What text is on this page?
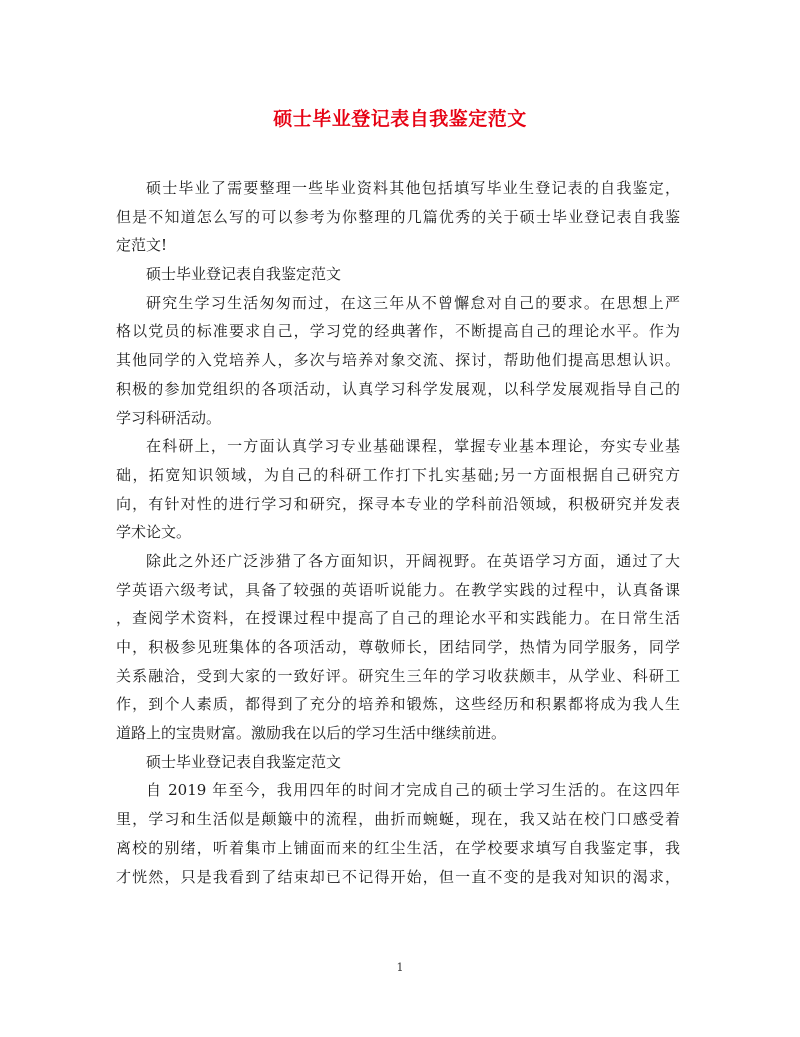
硕士毕业登记表自我鉴定范文
硕士毕业了需要整理一些毕业资料其他包括填写毕业生登记表的自我鉴定，
但是不知道怎么写的可以参考为你整理的几篇优秀的关于硕士毕业登记表自我鉴
定范文!
硕士毕业登记表自我鉴定范文
研究生学习生活匆匆而过，在这三年从不曾懈怠对自己的要求。在思想上严
格以党员的标准要求自己，学习党的经典著作，不断提高自己的理论水平。作为
其他同学的入党培养人，多次与培养对象交流、探讨，帮助他们提高思想认识。
积极的参加党组织的各项活动，认真学习科学发展观，以科学发展观指导自己的
学习科研活动。
在科研上，一方面认真学习专业基础课程，掌握专业基本理论，夯实专业基
础，拓宽知识领域，为自己的科研工作打下扎实基础;另一方面根据自己研究方
向，有针对性的进行学习和研究，探寻本专业的学科前沿领域，积极研究并发表
学术论文。
除此之外还广泛涉猎了各方面知识，开阔视野。在英语学习方面，通过了大
学英语六级考试，具备了较强的英语听说能力。在教学实践的过程中，认真备课
，查阅学术资料，在授课过程中提高了自己的理论水平和实践能力。在日常生活
中，积极参见班集体的各项活动，尊敬师长，团结同学，热情为同学服务，同学
关系融洽，受到大家的一致好评。研究生三年的学习收获颇丰，从学业、科研工
作，到个人素质，都得到了充分的培养和锻炼，这些经历和积累都将成为我人生
道路上的宝贵财富。激励我在以后的学习生活中继续前进。
硕士毕业登记表自我鉴定范文
自 2019 年至今，我用四年的时间才完成自己的硕士学习生活的。在这四年
里，学习和生活似是颠簸中的流程，曲折而蜿蜒，现在，我又站在校门口感受着
离校的别绪，听着集市上铺面而来的红尘生活，在学校要求填写自我鉴定事，我
才恍然，只是我看到了结束却已不记得开始，但一直不变的是我对知识的渴求，
1
